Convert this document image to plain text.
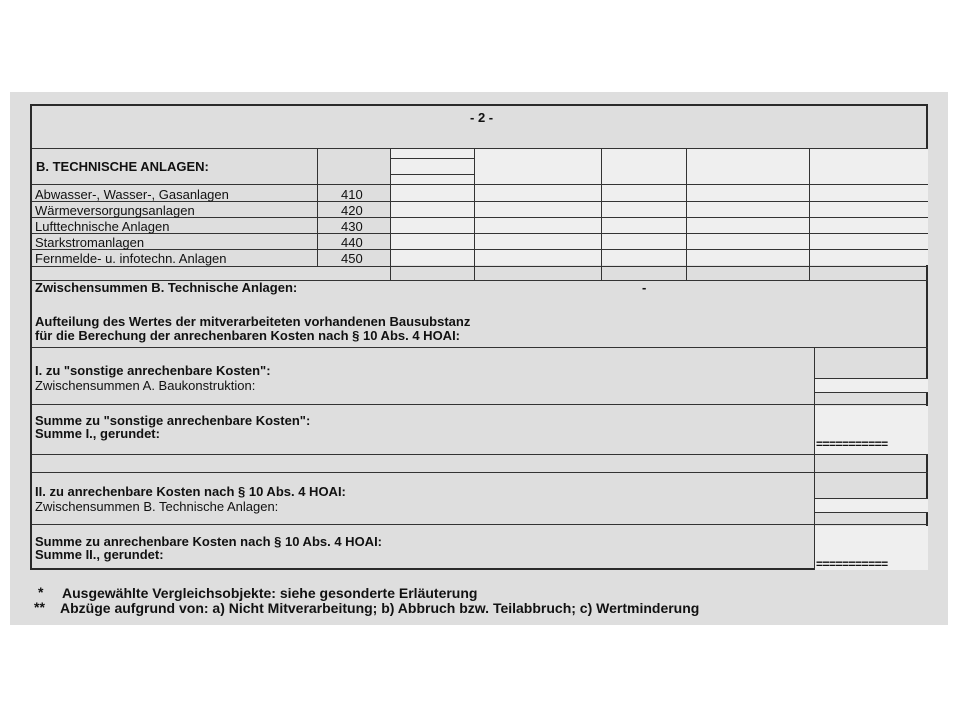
- 2 -
B. TECHNISCHE ANLAGEN:
Abwasser-, Wasser-, Gasanlagen	410
Wärmeversorgungsanlagen	420
Lufttechnische Anlagen	430
Starkstromanlagen	440
Fernmelde- u. infotechn. Anlagen	450
Zwischensummen B. Technische Anlagen:	-
Aufteilung des Wertes der mitverarbeiteten vorhandenen Bausubstanz
für die Berechung der anrechenbaren Kosten nach § 10 Abs. 4 HOAI:
I. zu "sonstige anrechenbare Kosten":
Zwischensummen A. Baukonstruktion:
Summe zu "sonstige anrechenbare Kosten":
Summe I., gerundet:
===========
II. zu anrechenbare Kosten nach § 10 Abs. 4 HOAI:
Zwischensummen B. Technische Anlagen:
Summe zu anrechenbare Kosten nach § 10 Abs. 4 HOAI:
Summe II., gerundet:
===========
* Ausgewählte Vergleichsobjekte: siehe gesonderte Erläuterung
** Abzüge aufgrund von: a) Nicht Mitverarbeitung; b) Abbruch bzw. Teilabbruch; c) Wertminderung
